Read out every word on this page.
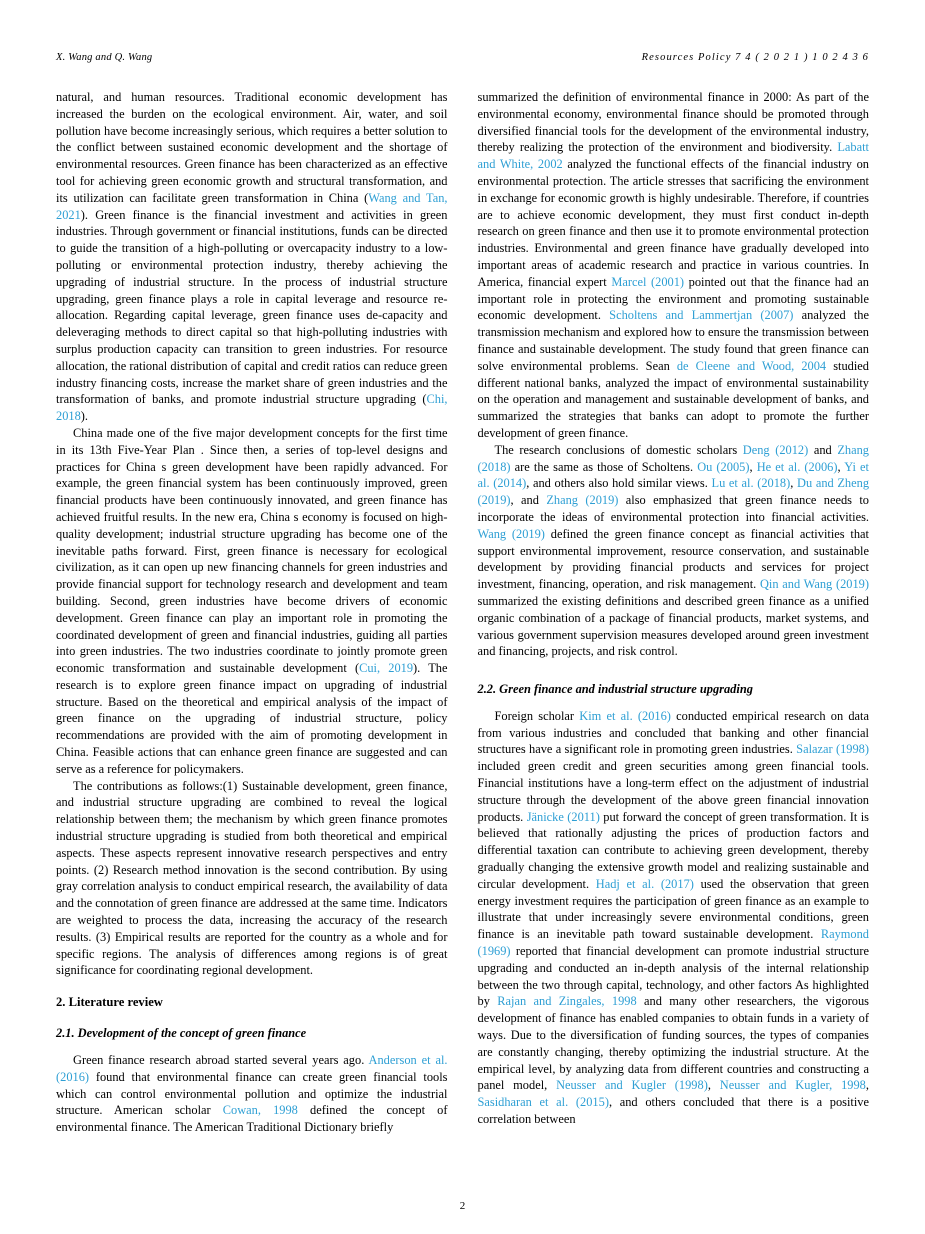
X. Wang and Q. Wang	Resources Policy 7 4 ( 2 0 2 1 ) 1 0 2 4 3 6

natural, and human resources. Traditional economic development has increased the burden on the ecological environment. Air, water, and soil pollution have become increasingly serious, which requires a better solution to the conflict between sustained economic development and the shortage of environmental resources. Green finance has been characterized as an effective tool for achieving green economic growth and structural transformation, and its utilization can facilitate green transformation in China (Wang and Tan, 2021). Green finance is the financial investment and activities in green industries. Through government or financial institutions, funds can be directed to guide the transition of a high-polluting or overcapacity industry to a low-polluting or environmental protection industry, thereby achieving the upgrading of industrial structure. In the process of industrial structure upgrading, green finance plays a role in capital leverage and resource re-allocation. Regarding capital leverage, green finance uses de-capacity and deleveraging methods to direct capital so that high-polluting industries with surplus production capacity can transition to green industries. For resource allocation, the rational distribution of capital and credit ratios can reduce green industry financing costs, increase the market share of green industries and the transformation of banks, and promote industrial structure upgrading (Chi, 2018).

China made one of the five major development concepts for the first time in its 13th Five-Year Plan . Since then, a series of top-level designs and practices for China s green development have been rapidly advanced. For example, the green financial system has been continuously improved, green financial products have been continuously innovated, and green finance has achieved fruitful results. In the new era, China s economy is focused on high-quality development; industrial structure upgrading has become one of the inevitable paths forward. First, green finance is necessary for ecological civilization, as it can open up new financing channels for green industries and provide financial support for technology research and development and team building. Second, green industries have become drivers of economic development. Green finance can play an important role in promoting the coordinated development of green and financial industries, guiding all parties into green industries. The two industries coordinate to jointly promote green economic transformation and sustainable development (Cui, 2019). The research is to explore green finance impact on upgrading of industrial structure. Based on the theoretical and empirical analysis of the impact of green finance on the upgrading of industrial structure, policy recommendations are provided with the aim of promoting development in China. Feasible actions that can enhance green finance are suggested and can serve as a reference for policymakers.

The contributions as follows:(1) Sustainable development, green finance, and industrial structure upgrading are combined to reveal the logical relationship between them; the mechanism by which green finance promotes industrial structure upgrading is studied from both theoretical and empirical aspects. These aspects represent innovative research perspectives and entry points. (2) Research method innovation is the second contribution. By using gray correlation analysis to conduct empirical research, the availability of data and the connotation of green finance are addressed at the same time. Indicators are weighted to process the data, increasing the accuracy of the research results. (3) Empirical results are reported for the country as a whole and for specific regions. The analysis of differences among regions is of great significance for coordinating regional development.

2. Literature review
2.1. Development of the concept of green finance

Green finance research abroad started several years ago. Anderson et al. (2016) found that environmental finance can create green financial tools which can control environmental pollution and optimize the industrial structure. American scholar Cowan, 1998 defined the concept of environmental finance. The American Traditional Dictionary briefly

summarized the definition of environmental finance in 2000: As part of the environmental economy, environmental finance should be promoted through diversified financial tools for the development of the environmental industry, thereby realizing the protection of the environment and biodiversity. Labatt and White, 2002 analyzed the functional effects of the financial industry on environmental protection. The article stresses that sacrificing the environment in exchange for economic growth is highly undesirable. Therefore, if countries are to achieve economic development, they must first conduct in-depth research on green finance and then use it to promote environmental protection industries. Environmental and green finance have gradually developed into important areas of academic research and practice in various countries. In America, financial expert Marcel (2001) pointed out that the finance had an important role in protecting the environment and promoting sustainable economic development. Scholtens and Lammertjan (2007) analyzed the transmission mechanism and explored how to ensure the transmission between finance and sustainable development. The study found that green finance can solve environmental problems. Sean de Cleene and Wood, 2004 studied different national banks, analyzed the impact of environmental sustainability on the operation and management and sustainable development of banks, and summarized the strategies that banks can adopt to promote the further development of green finance.

The research conclusions of domestic scholars Deng (2012) and Zhang (2018) are the same as those of Scholtens. Ou (2005), He et al. (2006), Yi et al. (2014), and others also hold similar views. Lu et al. (2018), Du and Zheng (2019), and Zhang (2019) also emphasized that green finance needs to incorporate the ideas of environmental protection into financial activities. Wang (2019) defined the green finance concept as financial activities that support environmental improvement, resource conservation, and sustainable development by providing financial products and services for project investment, financing, operation, and risk management. Qin and Wang (2019) summarized the existing definitions and described green finance as a unified organic combination of a package of financial products, market systems, and various government supervision measures developed around green investment and financing, projects, and risk control.

2.2. Green finance and industrial structure upgrading

Foreign scholar Kim et al. (2016) conducted empirical research on data from various industries and concluded that banking and other financial structures have a significant role in promoting green industries. Salazar (1998) included green credit and green securities among green financial tools. Financial institutions have a long-term effect on the adjustment of industrial structure through the development of the above green financial innovation products. Jänicke (2011) put forward the concept of green transformation. It is believed that rationally adjusting the prices of production factors and differential taxation can contribute to achieving green development, thereby gradually changing the extensive growth model and realizing sustainable and circular development. Hadj et al. (2017) used the observation that green energy investment requires the participation of green finance as an example to illustrate that under increasingly severe environmental conditions, green finance is an inevitable path toward sustainable development. Raymond (1969) reported that financial development can promote industrial structure upgrading and conducted an in-depth analysis of the internal relationship between the two through capital, technology, and other factors As highlighted by Rajan and Zingales, 1998 and many other researchers, the vigorous development of finance has enabled companies to obtain funds in a variety of ways. Due to the diversification of funding sources, the types of companies are constantly changing, thereby optimizing the industrial structure. At the empirical level, by analyzing data from different countries and constructing a panel model, Neusser and Kugler (1998), Neusser and Kugler, 1998, Sasidharan et al. (2015), and others concluded that there is a positive correlation between

2
